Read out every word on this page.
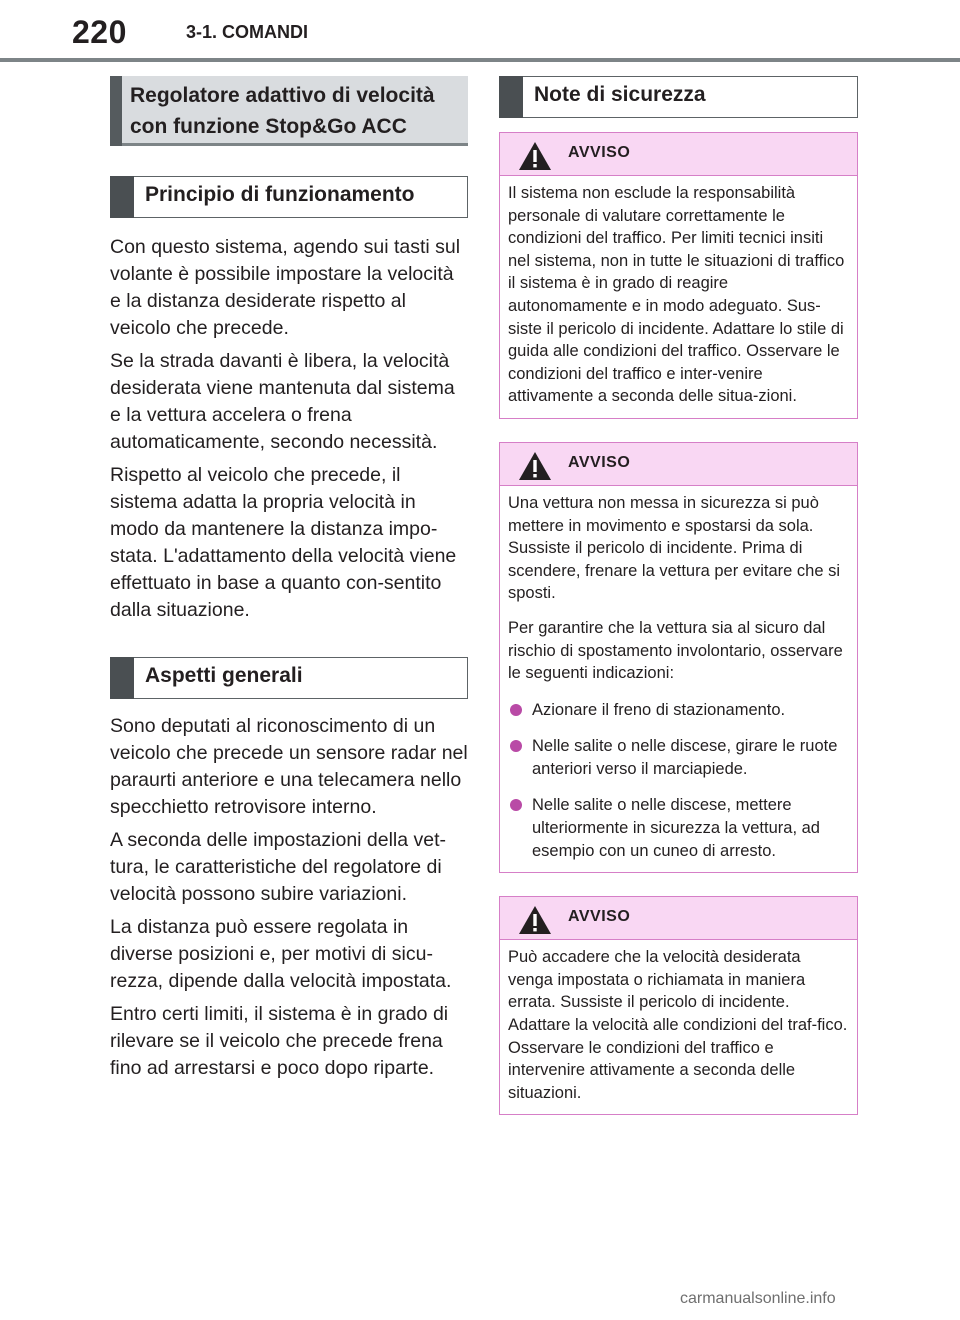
220	3-1. COMANDI
Regolatore adattivo di velocità con funzione Stop&Go ACC
Principio di funzionamento

Con questo sistema, agendo sui tasti sul volante è possibile impostare la velocità e la distanza desiderate rispetto al veicolo che precede.

Se la strada davanti è libera, la velocità desiderata viene mantenuta dal sistema e la vettura accelera o frena automaticamente, secondo necessità.

Rispetto al veicolo che precede, il sistema adatta la propria velocità in modo da mantenere la distanza impo-stata. L'adattamento della velocità viene effettuato in base a quanto con-sentito dalla situazione.

Aspetti generali

Sono deputati al riconoscimento di un veicolo che precede un sensore radar nel paraurti anteriore e una telecamera nello specchietto retrovisore interno.

A seconda delle impostazioni della vet-tura, le caratteristiche del regolatore di velocità possono subire variazioni.

La distanza può essere regolata in diverse posizioni e, per motivi di sicu-rezza, dipende dalla velocità impostata.

Entro certi limiti, il sistema è in grado di rilevare se il veicolo che precede frena fino ad arrestarsi e poco dopo riparte.

Note di sicurezza
AVVISO

Il sistema non esclude la responsabilità personale di valutare correttamente le condizioni del traffico. Per limiti tecnici insiti nel sistema, non in tutte le situazioni di traffico il sistema è in grado di reagire autonomamente e in modo adeguato. Sus-siste il pericolo di incidente. Adattare lo stile di guida alle condizioni del traffico. Osservare le condizioni del traffico e inter-venire attivamente a seconda delle situa-zioni.

AVVISO

Una vettura non messa in sicurezza si può mettere in movimento e spostarsi da sola. Sussiste il pericolo di incidente. Prima di scendere, frenare la vettura per evitare che si sposti.

Per garantire che la vettura sia al sicuro dal rischio di spostamento involontario, osservare le seguenti indicazioni:

Azionare il freno di stazionamento.
Nelle salite o nelle discese, girare le ruote anteriori verso il marciapiede.
Nelle salite o nelle discese, mettere ulteriormente in sicurezza la vettura, ad esempio con un cuneo di arresto.
AVVISO

Può accadere che la velocità desiderata venga impostata o richiamata in maniera errata. Sussiste il pericolo di incidente. Adattare la velocità alle condizioni del traf-fico. Osservare le condizioni del traffico e intervenire attivamente a seconda delle situazioni.

carmanualsonline.info
